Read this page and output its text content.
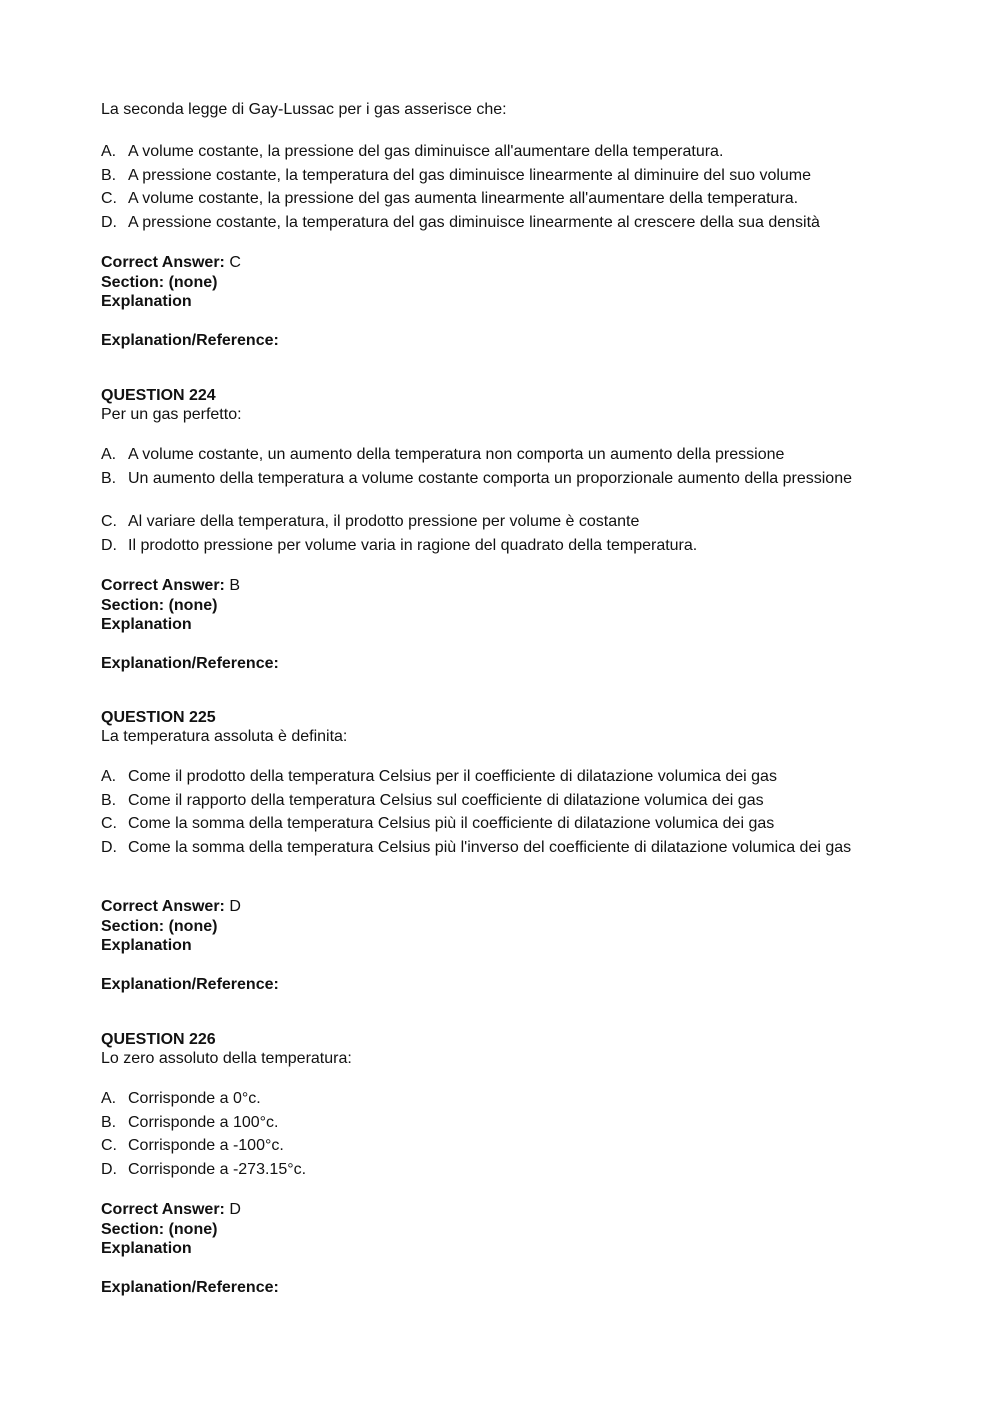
La seconda legge di Gay-Lussac per i gas asserisce che:

A. A volume costante, la pressione del gas diminuisce all'aumentare della temperatura.
B. A pressione costante, la temperatura del gas diminuisce linearmente al diminuire del suo volume
C. A volume costante, la pressione del gas aumenta linearmente all'aumentare della temperatura.
D. A pressione costante, la temperatura del gas diminuisce linearmente al crescere della sua densità

Correct Answer: C

Section: (none)

Explanation

Explanation/Reference:

QUESTION 224

Per un gas perfetto:

A. A volume costante, un aumento della temperatura non comporta un aumento della pressione
B. Un aumento della temperatura a volume costante comporta un proporzionale aumento della pressione
C. Al variare della temperatura, il prodotto pressione per volume è costante
D. Il prodotto pressione per volume varia in ragione del quadrato della temperatura.

Correct Answer: B

Section: (none)

Explanation

Explanation/Reference:

QUESTION 225

La temperatura assoluta è definita:

A. Come il prodotto della temperatura Celsius per il coefficiente di dilatazione volumica dei gas
B. Come il rapporto della temperatura Celsius sul coefficiente di dilatazione volumica dei gas
C. Come la somma della temperatura Celsius più il coefficiente di dilatazione volumica dei gas
D. Come la somma della temperatura Celsius più l'inverso del coefficiente di dilatazione volumica dei gas

Correct Answer: D

Section: (none)

Explanation

Explanation/Reference:

QUESTION 226

Lo zero assoluto della temperatura:

A. Corrisponde a 0°c.
B. Corrisponde a 100°c.
C. Corrisponde a -100°c.
D. Corrisponde a -273.15°c.

Correct Answer: D

Section: (none)

Explanation

Explanation/Reference:
